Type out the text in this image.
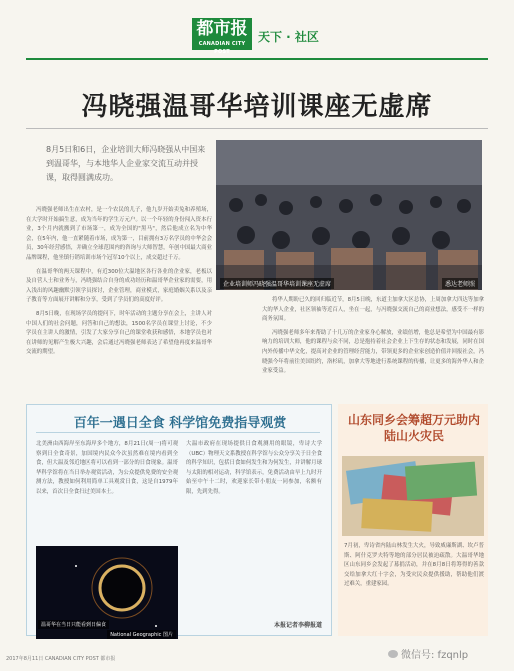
都市报
CANADIAN CITY POST
天下 · 社区
冯晓强温哥华培训课座无虚席
8月5日和6日，企业培训大师冯晓强从中国来到温哥华，与本地华人企业家交流互动并授课，取得圆满成功。
企业培训师冯晓强温哥华培训课座无虚席	悉达老师照

冯晓强老师出生在农村，是一个农民的儿子，他九岁开始卖兔和养殖场，在大学时开始搞生意，成为当年的学生万元户。以一个年轻的身份闯入资本行业，3个月内就搬到了市场第一，成为全国的"黑马"，然后他成立名为中华会，在5年内，他一直紧随着市场，成为第一，目前拥有3万名学员的中华会会员，30年经营感悟，并确立全球范围内的咨询与大师智慧，年创中国最大商业品牌课程，他坐镇行销培训市场个冠军10个以上，成交超过千万。

在温哥华的两天课程中，有近300位大温地区各行各业的企业家，老板以及自营人士和业务与，冯晓强结合自身的成功经历和温哥华企业家的需要，用入浅出的风趣幽默引领学员探讨，企业管理，商业模式，家庭婚姻关系以及亲子教育等方面展开讲解和分享，受到了学员们的高度好评。

8月5日晚，在现场学员的提问下，时年活动的主题分享在会上，主讲人对中国人们的社会问题，问答和自己的想法，1500名学员在课堂上讨论，不少学员在主讲人的激情，引发了大家分享自己的课堂收获和感悟，本地学员也对在讲师的见解产生极大兴趣，会后通过冯晓强老师表达了希望他再度来温哥华交流的期望。

将华人期盼已久的回归临近节，8月5日晚，东道主加拿大区总协，上周加拿大四达等加拿大的华人企业，社区领袖等近百人，坐在一起，与冯晓强交流自己的商业想法，感受不一样的商务氛围。

冯晓强老师多年来帮助了十几万的企业家身心解放，业绩倍增，他总是希望为中国最有影响力的培训大师，他的课程与众不同，总是抱持着社会企业上下生存的状态和发展，同时在国内外传播中华文化，提高对企业的管理经营能力，带领更多的企业家创造价值并回报社会，冯晓强今年将前往美国纽约，洛杉矶，加拿大等地进行系统课程的传播，让更多的海外华人和企业家受益。

百年一遇日全食 科学馆免费指导观赏
北美洲由西海岸至东海岸多个地方，8月21日(周一)将可观察到日全食奇景，加国境内民众今次虽然难在境内看到全食，但大温及邻近地区将可以看到一部分的日食现象。温哥华科学馆将在当日举办观赏活动，为公众提供免费的安全观测方法，教授如何利用简单工具观赏日食，这是自1979年以来，首次日全食扫过美国本土。
大温市政府在现场提供日食观测用的眼镜，卑诗大学（UBC）物理天文系教授在科学馆与公众分享关于日全食的科学知识，包括日食如何发生和为何发生，并讲解月球与太阳的相对运动，科学馆表示，免费活动由早上九时开始至中午十二时，欢迎家长带小朋友一同参加，名额有限，先到先得。
本报记者李柳报道
温哥华在当日只能看到日偏食
National Geographic 图片
山东同乡会筹超万元助内陆山火灾民
7月初，卑诗省内陆山林发生大火，导致威廉斯湖、坎卢普斯、阿什克罗夫特等地的部分居民被迫疏散。大温哥华地区山东同乡会发起了募捐活动，并在8月8日将筹得的善款交给加拿大红十字会，为受灾民众提供援助，帮助他们渡过难关，重建家园。
2017年8月11日 CANADIAN CITY POST 都市报	微信号: fzqnlp
